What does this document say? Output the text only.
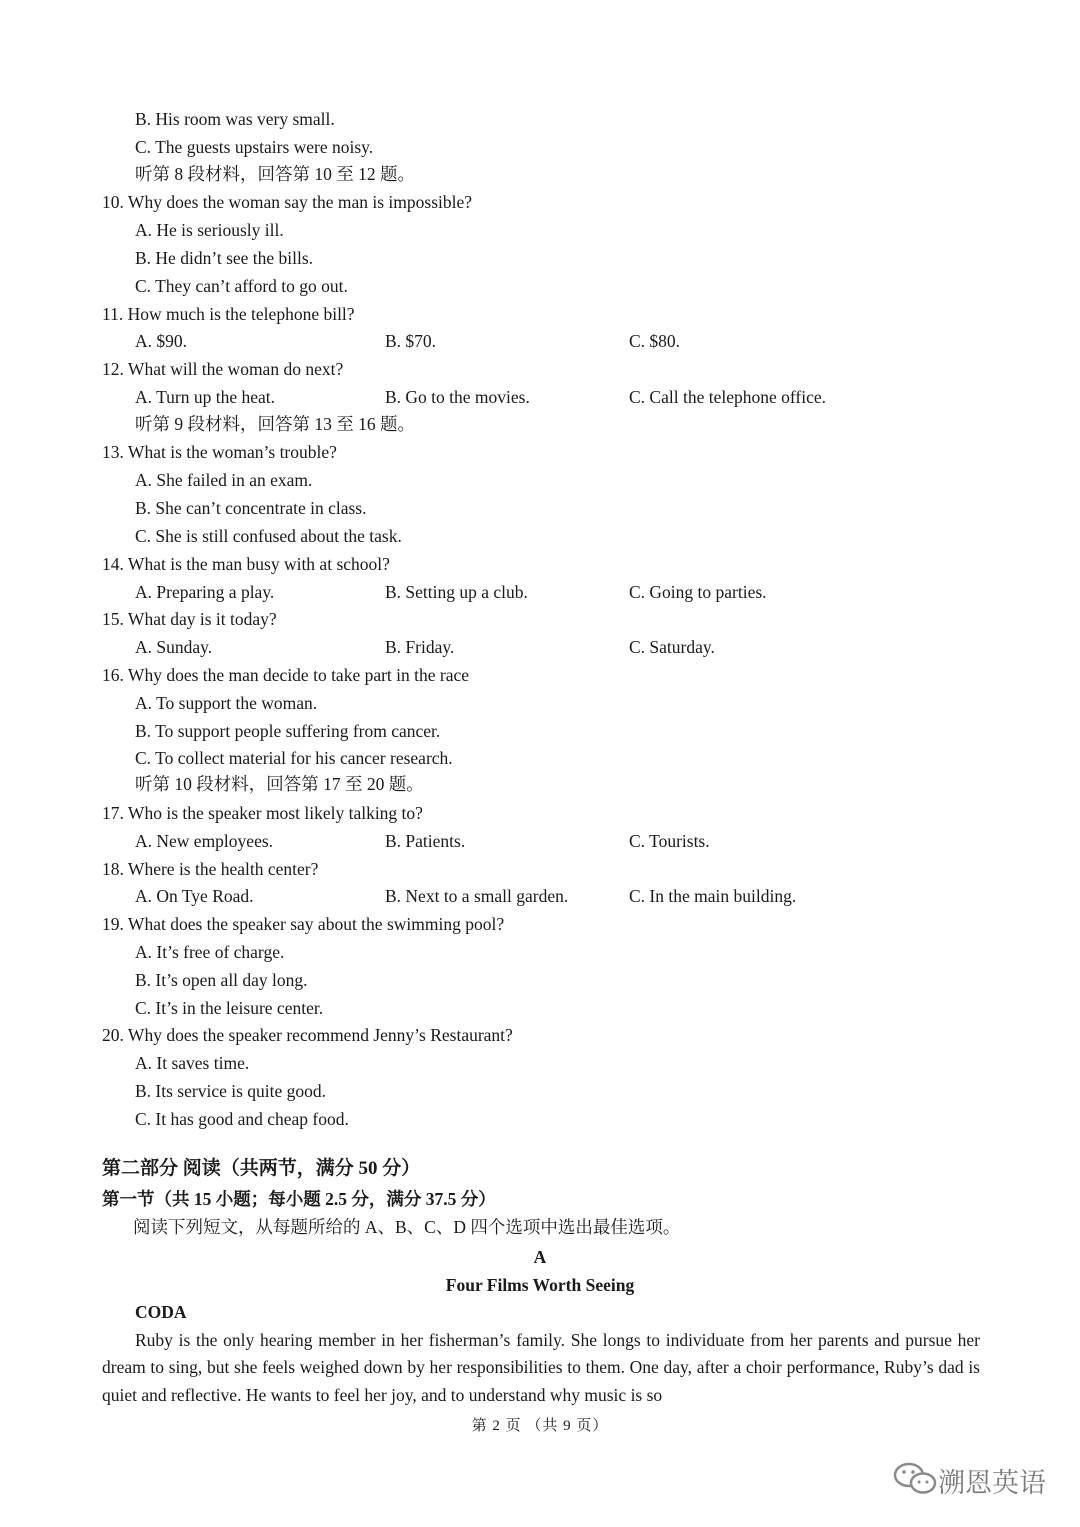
B. His room was very small.
C. The guests upstairs were noisy.
听第 8 段材料，回答第 10 至 12 题。
10. Why does the woman say the man is impossible?
A. He is seriously ill.
B. He didn’t see the bills.
C. They can’t afford to go out.
11. How much is the telephone bill?
A. $90.	B. $70.	C. $80.
12. What will the woman do next?
A. Turn up the heat.	B. Go to the movies.	C. Call the telephone office.
听第 9 段材料，回答第 13 至 16 题。
13. What is the woman’s trouble?
A. She failed in an exam.
B. She can’t concentrate in class.
C. She is still confused about the task.
14. What is the man busy with at school?
A. Preparing a play.	B. Setting up a club.	C. Going to parties.
15. What day is it today?
A. Sunday.	B. Friday.	C. Saturday.
16. Why does the man decide to take part in the race
A. To support the woman.
B. To support people suffering from cancer.
C. To collect material for his cancer research.
听第 10 段材料，回答第 17 至 20 题。
17. Who is the speaker most likely talking to?
A. New employees.	B. Patients.	C. Tourists.
18. Where is the health center?
A. On Tye Road.	B. Next to a small garden.	C. In the main building.
19. What does the speaker say about the swimming pool?
A. It’s free of charge.
B. It’s open all day long.
C. It’s in the leisure center.
20. Why does the speaker recommend Jenny’s Restaurant?
A. It saves time.
B. Its service is quite good.
C. It has good and cheap food.
第二部分 阅读（共两节，满分 50 分）
第一节（共 15 小题；每小题 2.5 分，满分 37.5 分）
阅读下列短文，从每题所给的 A、B、C、D 四个选项中选出最佳选项。
A
Four Films Worth Seeing
CODA
Ruby is the only hearing member in her fisherman’s family. She longs to individuate from her parents and pursue her dream to sing, but she feels weighed down by her responsibilities to them. One day, after a choir performance, Ruby’s dad is quiet and reflective. He wants to feel her joy, and to understand why music is so
第 2 页 （共 9 页）
溯恩英语
